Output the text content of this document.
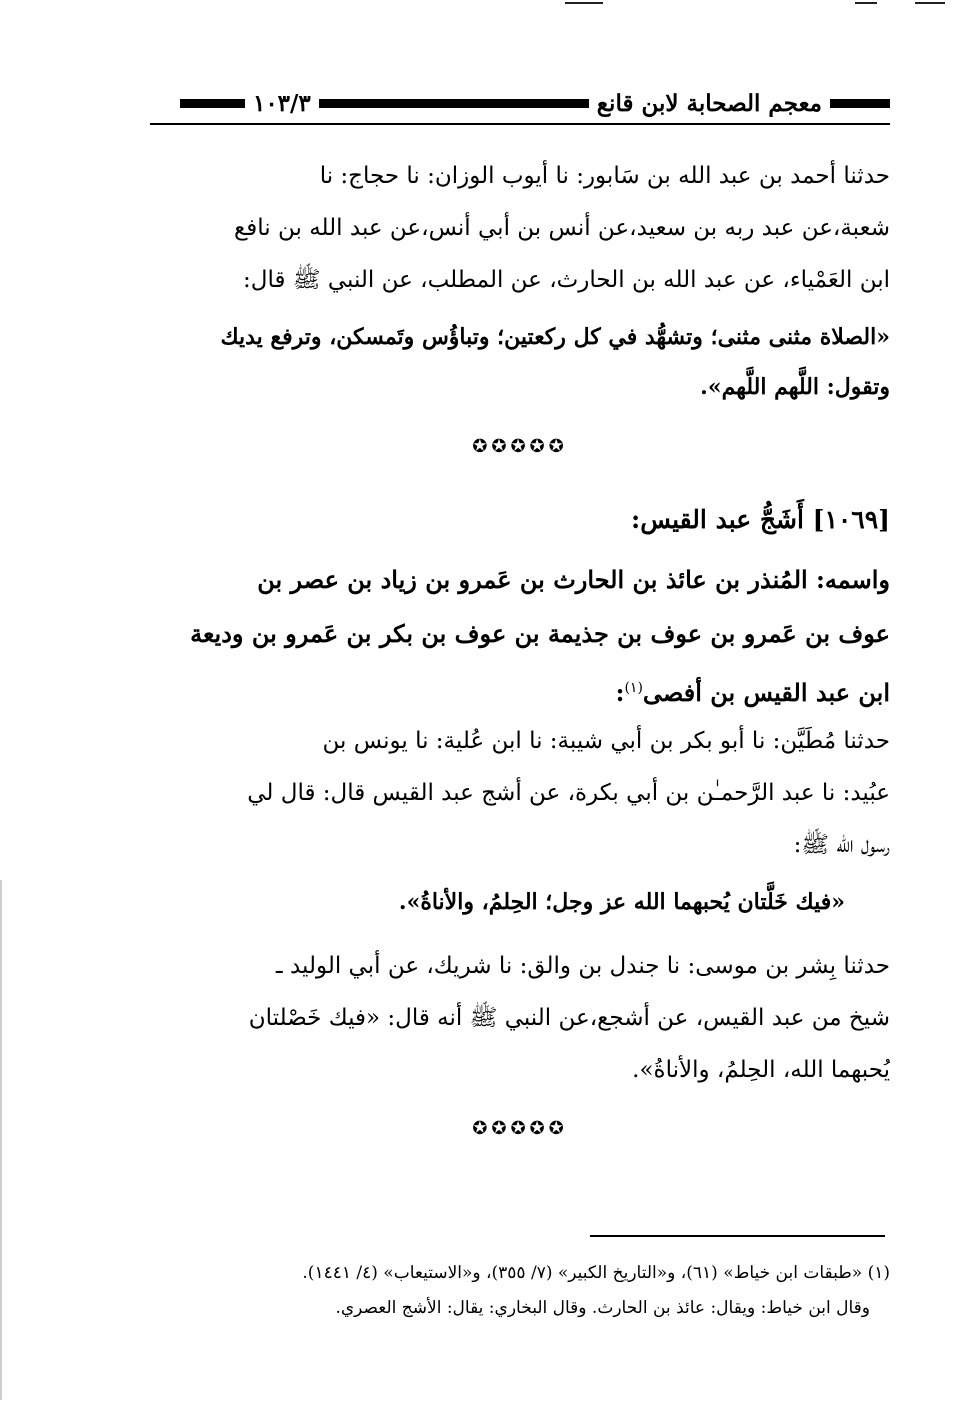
معجم الصحابة لابن قانع
١٠٣/٣
حدثنا أحمد بن عبد الله بن سَابور: نا أيوب الوزان: نا حجاج: نا
شعبة،عن عبد ربه بن سعيد،عن أنس بن أبي أنس،عن عبد الله بن نافع
ابن العَمْياء، عن عبد الله بن الحارث، عن المطلب، عن النبي ﷺ قال:
«الصلاة مثنى مثنى؛ وتشهُّد في كل ركعتين؛ وتباؤُس وتَمسكن، وترفع يديك
وتقول: اللَّهم اللَّهم».
✪✪✪✪✪
[١٠٦٩] أَشَجُّ عبد القيس:
واسمه: المُنذر بن عائذ بن الحارث بن عَمرو بن زياد بن عصر بن
عوف بن عَمرو بن عوف بن جذيمة بن عوف بن بكر بن عَمرو بن وديعة
ابن عبد القيس بن أفصى$^{(١)}$:
حدثنا مُطَيَّن: نا أبو بكر بن أبي شيبة: نا ابن عُلية: نا يونس بن
عبُيد: نا عبد الرَّحمـٰن بن أبي بكرة، عن أشج عبد القيس قال: قال لي
رسول الله ﷺ:
«فيك خَلَّتان يُحبهما الله عز وجل؛ الحِلمُ، والأناةُ».
حدثنا بِشر بن موسى: نا جندل بن والق: نا شريك، عن أبي الوليد ـ
شيخ من عبد القيس، عن أشجع،عن النبي ﷺ أنه قال: «فيك خَصْلتان
يُحبهما الله، الحِلمُ، والأناةُ».
✪✪✪✪✪
(١) «طبقات ابن خياط» (٦١)، و«التاريخ الكبير» (٧/ ٣٥٥)، و«الاستيعاب» (٤/ ١٤٤١).
وقال ابن خياط: ويقال: عائذ بن الحارث. وقال البخاري: يقال: الأشج العصري.
